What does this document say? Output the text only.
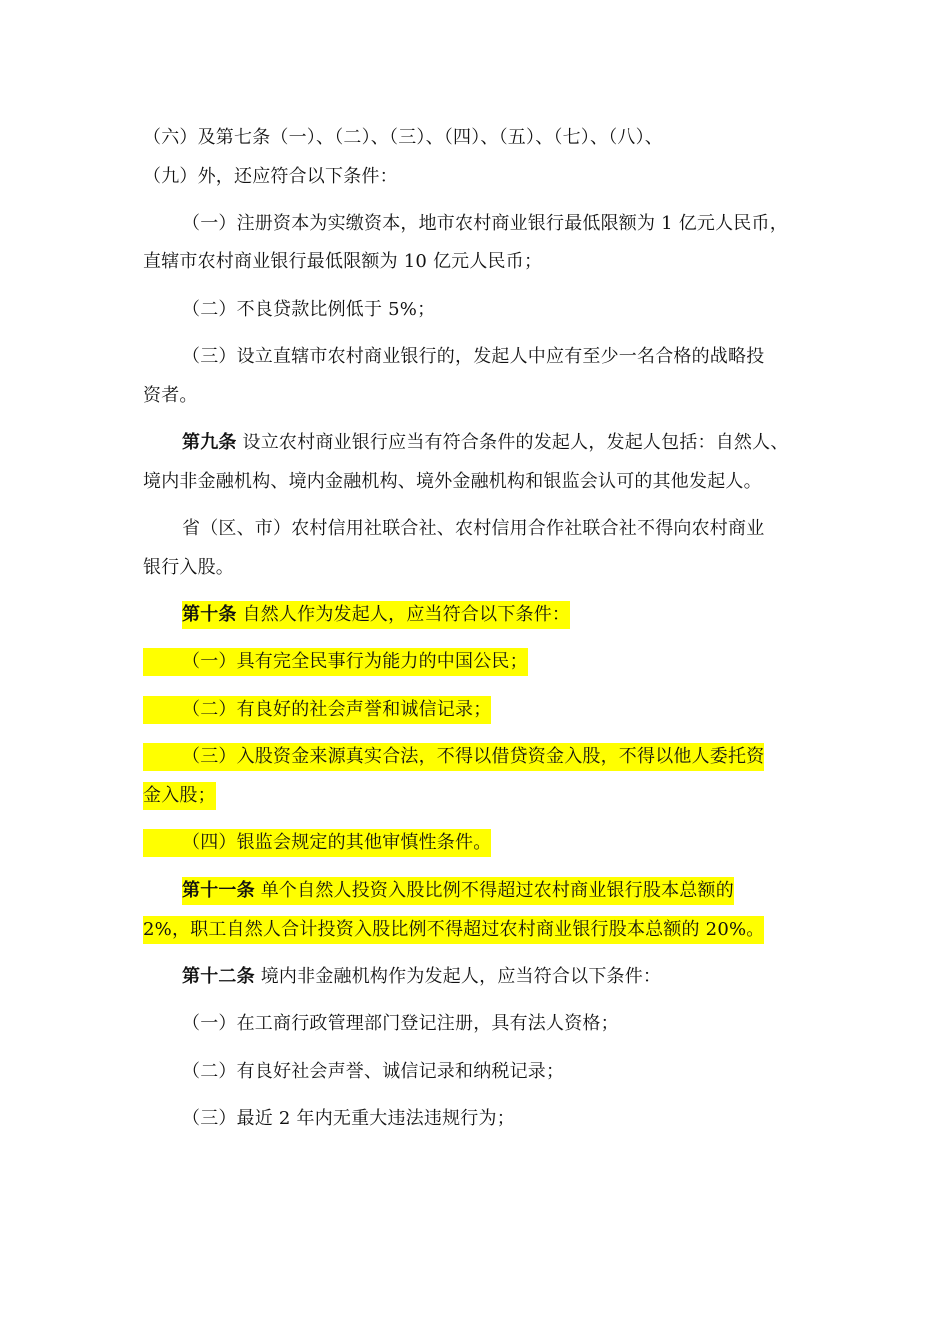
（六）及第七条（一）、（二）、（三）、（四）、（五）、（七）、（八）、
（九）外，还应符合以下条件：
（一）注册资本为实缴资本，地市农村商业银行最低限额为 1 亿元人民币，
直辖市农村商业银行最低限额为 10 亿元人民币；
（二）不良贷款比例低于 5%；
（三）设立直辖市农村商业银行的，发起人中应有至少一名合格的战略投
资者。
第九条 设立农村商业银行应当有符合条件的发起人，发起人包括：自然人、
境内非金融机构、境内金融机构、境外金融机构和银监会认可的其他发起人。
省（区、市）农村信用社联合社、农村信用合作社联合社不得向农村商业
银行入股。
第十条 自然人作为发起人，应当符合以下条件：
（一）具有完全民事行为能力的中国公民；
（二）有良好的社会声誉和诚信记录；
（三）入股资金来源真实合法，不得以借贷资金入股，不得以他人委托资
金入股；
（四）银监会规定的其他审慎性条件。
第十一条 单个自然人投资入股比例不得超过农村商业银行股本总额的
2%，职工自然人合计投资入股比例不得超过农村商业银行股本总额的 20%。
第十二条 境内非金融机构作为发起人，应当符合以下条件：
（一）在工商行政管理部门登记注册，具有法人资格；
（二）有良好社会声誉、诚信记录和纳税记录；
（三）最近 2 年内无重大违法违规行为；
